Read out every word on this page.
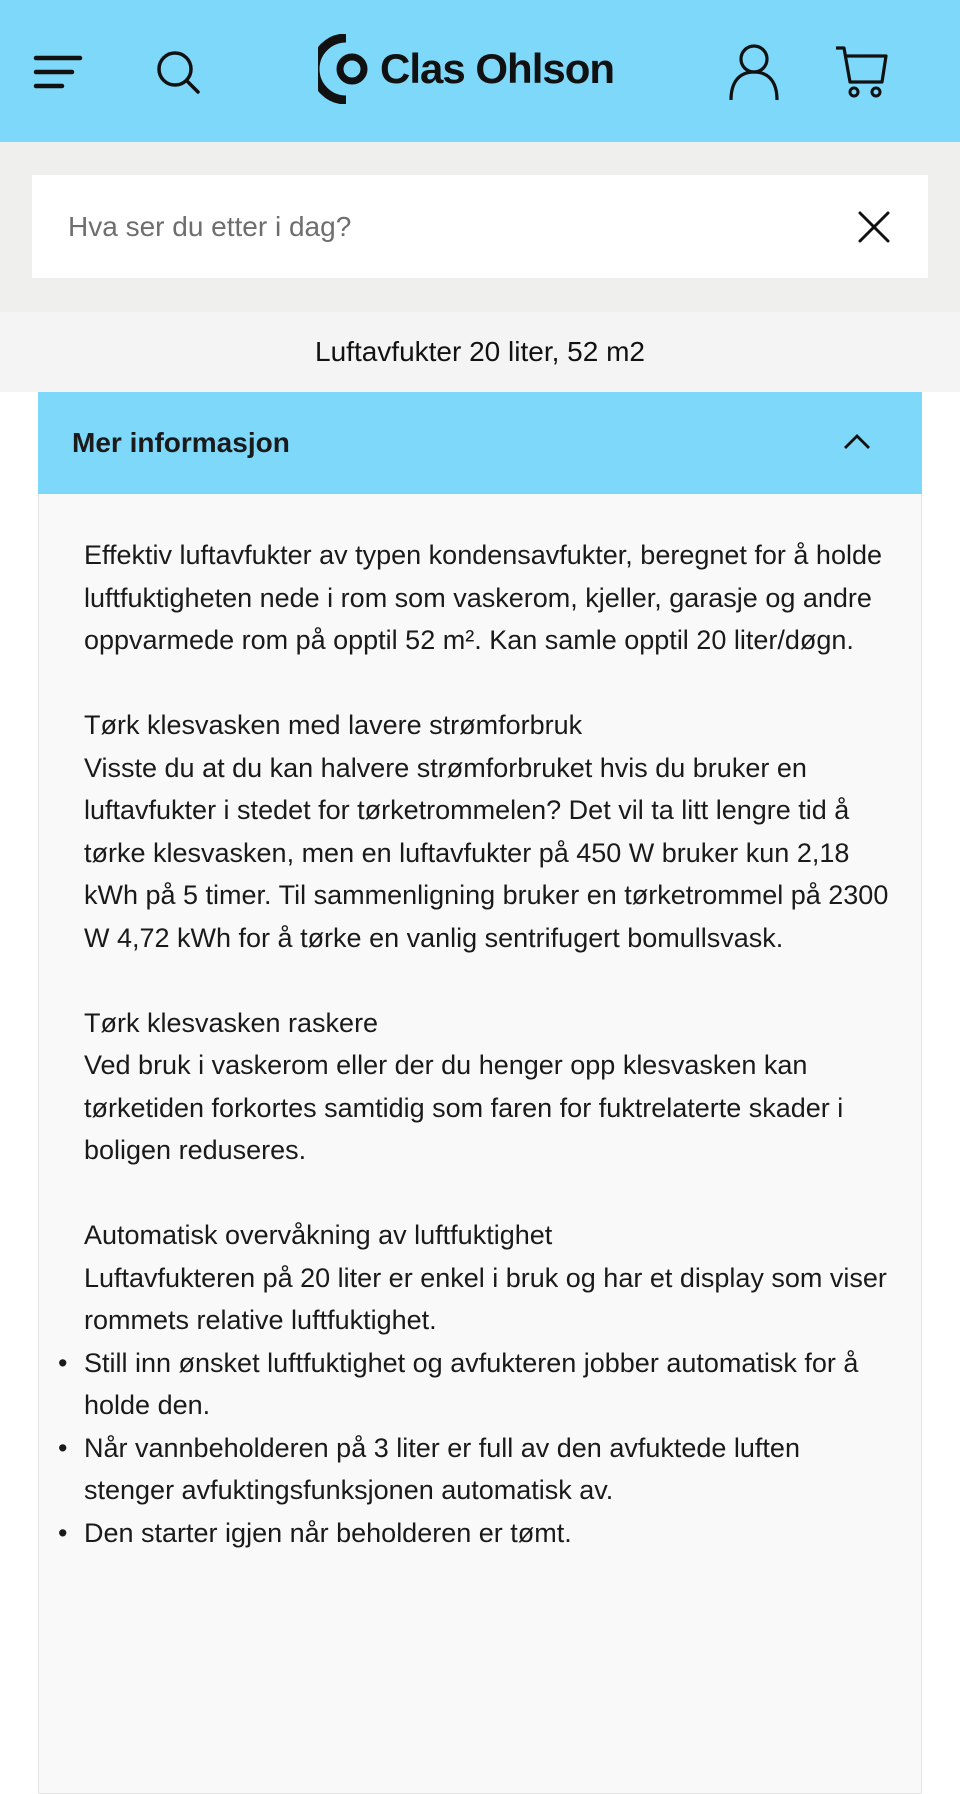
Clas Ohlson
Hva ser du etter i dag?
Luftavfukter 20 liter, 52 m2
Mer informasjon

Effektiv luftavfukter av typen kondensavfukter, beregnet for å holde luftfuktigheten nede i rom som vaskerom, kjeller, garasje og andre oppvarmede rom på opptil 52 m². Kan samle opptil 20 liter/døgn.

Tørk klesvasken med lavere strømforbruk

Visste du at du kan halvere strømforbruket hvis du bruker en luftavfukter i stedet for tørketrommelen? Det vil ta litt lengre tid å tørke klesvasken, men en luftavfukter på 450 W bruker kun 2,18 kWh på 5 timer. Til sammenligning bruker en tørketrommel på 2300 W 4,72 kWh for å tørke en vanlig sentrifugert bomullsvask.

Tørk klesvasken raskere

Ved bruk i vaskerom eller der du henger opp klesvasken kan tørketiden forkortes samtidig som faren for fuktrelaterte skader i boligen reduseres.

Automatisk overvåkning av luftfuktighet
Luftavfukteren på 20 liter er enkel i bruk og har et display som viser rommets relative luftfuktighet.
• Still inn ønsket luftfuktighet og avfukteren jobber automatisk for å holde den.
• Når vannbeholderen på 3 liter er full av den avfuktede luften stenger avfuktingsfunksjonen automatisk av.
• Den starter igjen når beholderen er tømt.
